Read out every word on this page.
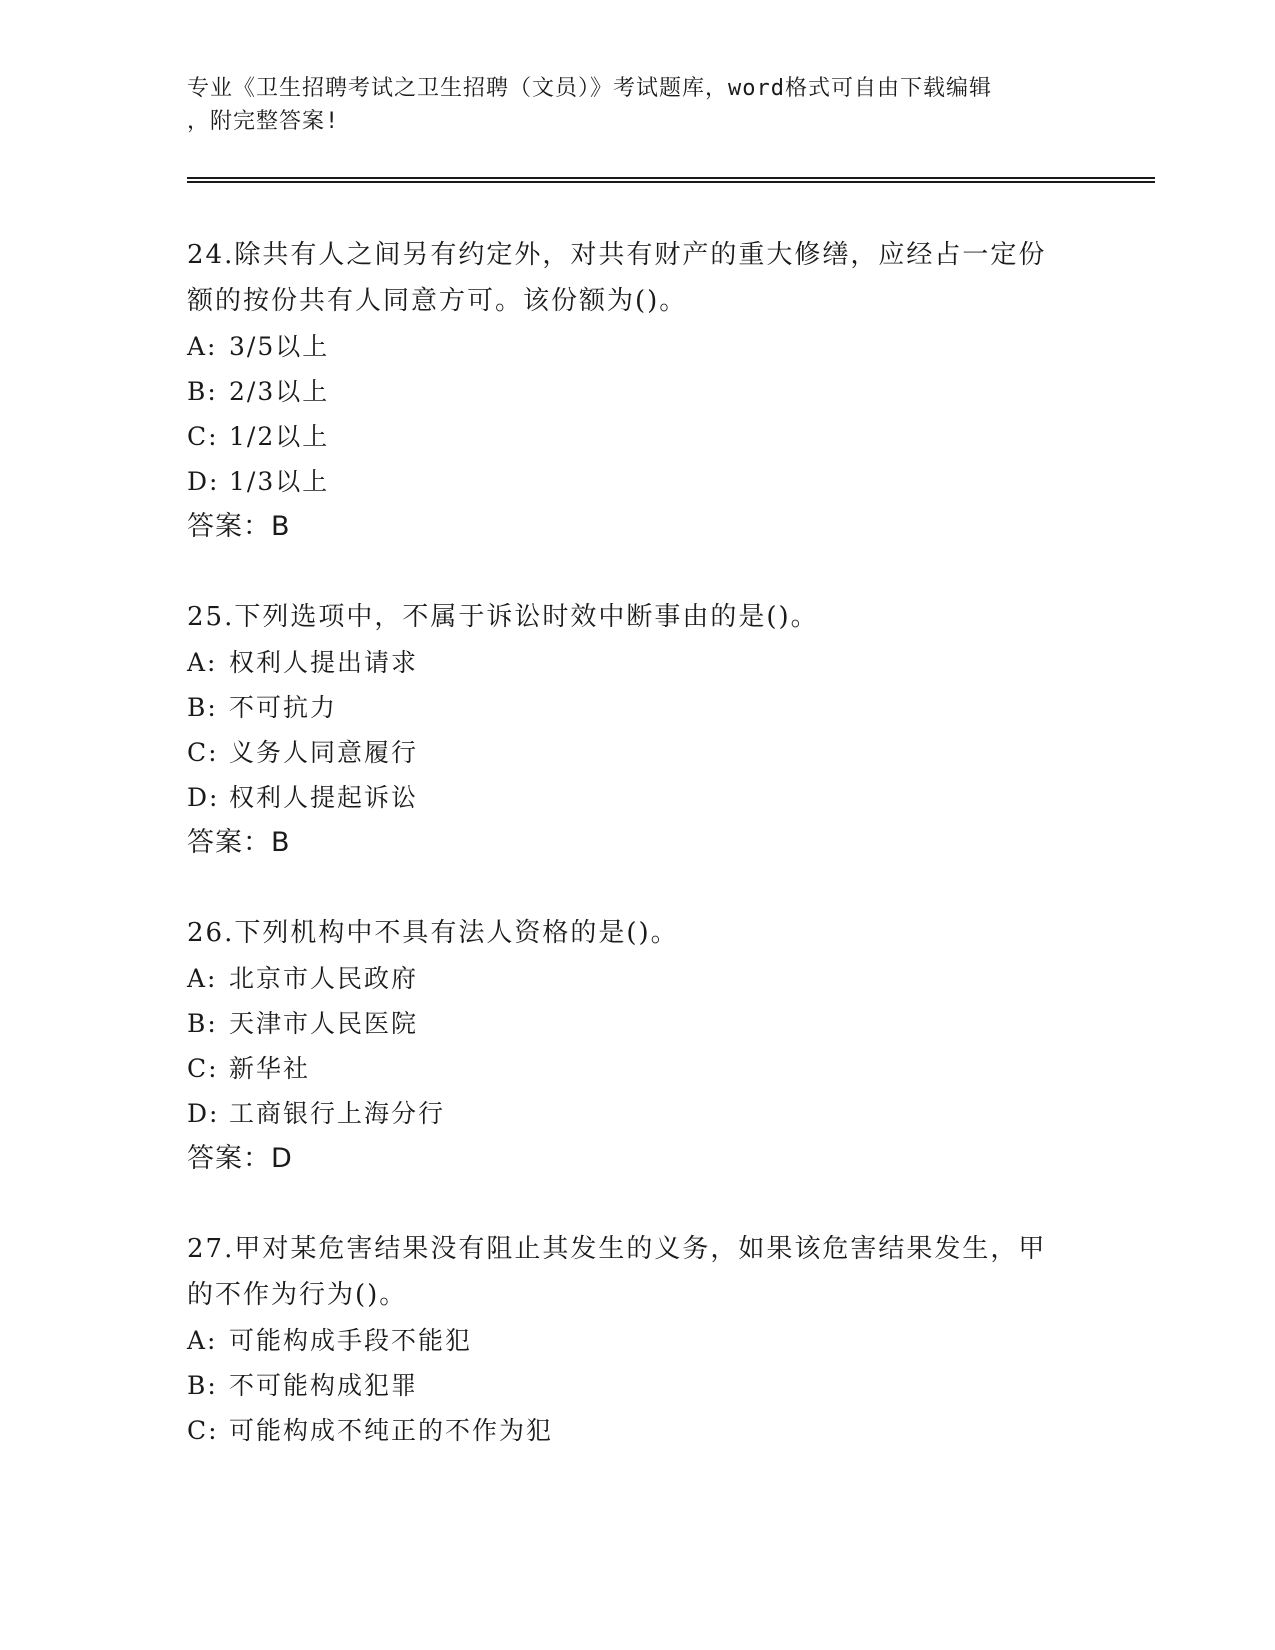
专业《卫生招聘考试之卫生招聘（文员）》考试题库，word格式可自由下载编辑
，附完整答案!
24.除共有人之间另有约定外，对共有财产的重大修缮，应经占一定份
额的按份共有人同意方可。该份额为()。
A: 3/5以上
B: 2/3以上
C: 1/2以上
D: 1/3以上
答案：B
25.下列选项中，不属于诉讼时效中断事由的是()。
A: 权利人提出请求
B: 不可抗力
C: 义务人同意履行
D: 权利人提起诉讼
答案：B
26.下列机构中不具有法人资格的是()。
A: 北京市人民政府
B: 天津市人民医院
C: 新华社
D: 工商银行上海分行
答案：D
27.甲对某危害结果没有阻止其发生的义务，如果该危害结果发生，甲
的不作为行为()。
A: 可能构成手段不能犯
B: 不可能构成犯罪
C: 可能构成不纯正的不作为犯
